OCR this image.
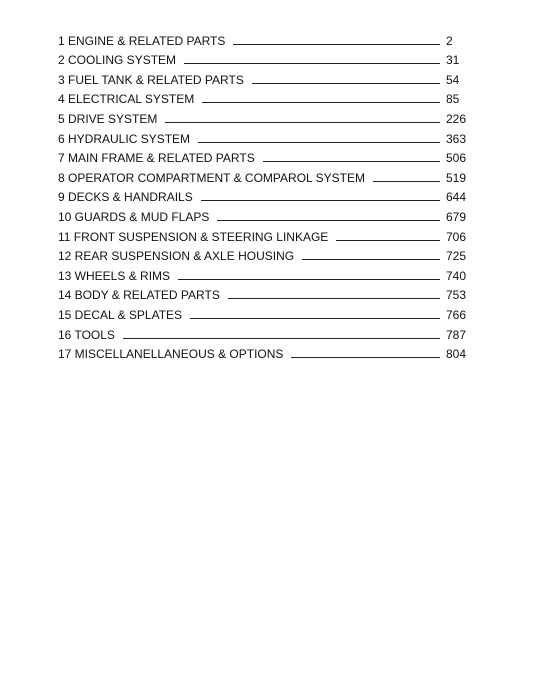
1 ENGINE & RELATED PARTS	2
2 COOLING SYSTEM	31
3 FUEL TANK & RELATED PARTS	54
4 ELECTRICAL SYSTEM	85
5 DRIVE SYSTEM	226
6 HYDRAULIC SYSTEM	363
7 MAIN FRAME & RELATED PARTS	506
8 OPERATOR COMPARTMENT & COMPAROL SYSTEM	519
9 DECKS & HANDRAILS	644
10 GUARDS & MUD FLAPS	679
11 FRONT SUSPENSION & STEERING LINKAGE	706
12 REAR SUSPENSION & AXLE HOUSING	725
13 WHEELS & RIMS	740
14 BODY & RELATED PARTS	753
15 DECAL & SPLATES	766
16 TOOLS	787
17 MISCELLANELLANEOUS & OPTIONS	804
